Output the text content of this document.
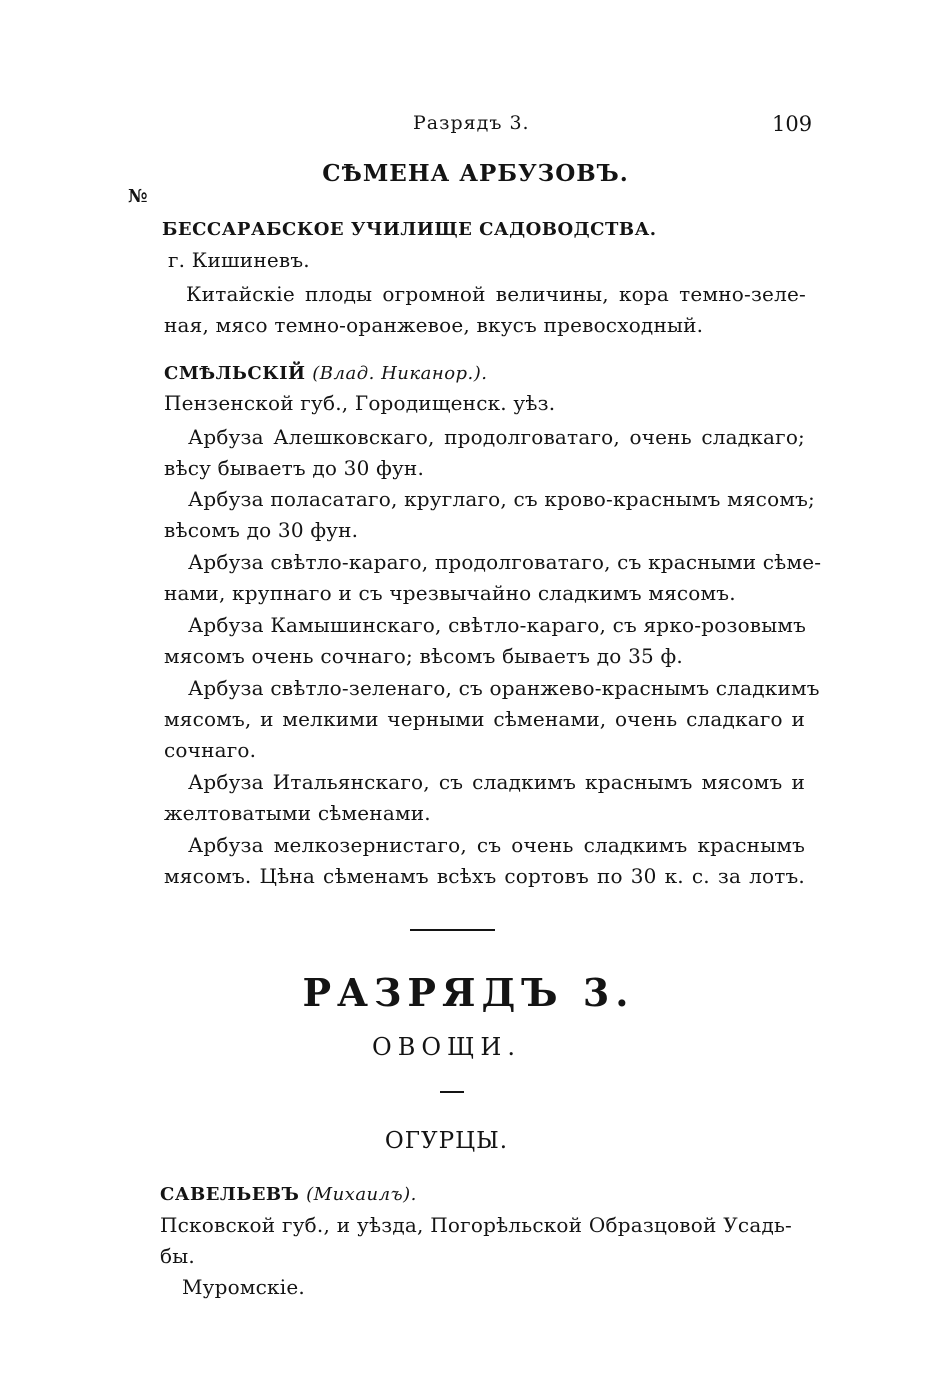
Разрядъ 3.	109
СѢМЕНА АРБУЗОВЪ.
№
БЕССАРАБСКОЕ УЧИЛИЩЕ САДОВОДСТВА.
г. Кишиневъ.
Китайскіе плоды огромной величины, кора темно-зеле-
ная, мясо темно-оранжевое, вкусъ превосходный.
СМѢЛЬСКІЙ (Влад. Никанор.).
Пензенской губ., Городищенск. уѣз.
Арбуза Алешковскаго, продолговатаго, очень сладкаго;
вѣсу бываетъ до 30 фун.
Арбуза поласатаго, круглаго, съ крово-краснымъ мясомъ;
вѣсомъ до 30 фун.
Арбуза свѣтло-караго, продолговатаго, съ красными сѣме-
нами, крупнаго и съ чрезвычайно сладкимъ мясомъ.
Арбуза Камышинскаго, свѣтло-караго, съ ярко-розовымъ
мясомъ очень сочнаго; вѣсомъ бываетъ до 35 ф.
Арбуза свѣтло-зеленаго, съ оранжево-краснымъ сладкимъ
мясомъ, и мелкими черными сѣменами, очень сладкаго и
сочнаго.
Арбуза Итальянскаго, съ сладкимъ краснымъ мясомъ и
желтоватыми сѣменами.
Арбуза мелкозернистаго, съ очень сладкимъ краснымъ
мясомъ. Цѣна сѣменамъ всѣхъ сортовъ по 30 к. с. за лотъ.
РАЗРЯДЪ 3.
ОВОЩИ.
ОГУРЦЫ.
САВЕЛЬЕВЪ (Михаилъ).
Псковской губ., и уѣзда, Погорѣльской Образцовой Усадь-
бы.
Муромскіе.
